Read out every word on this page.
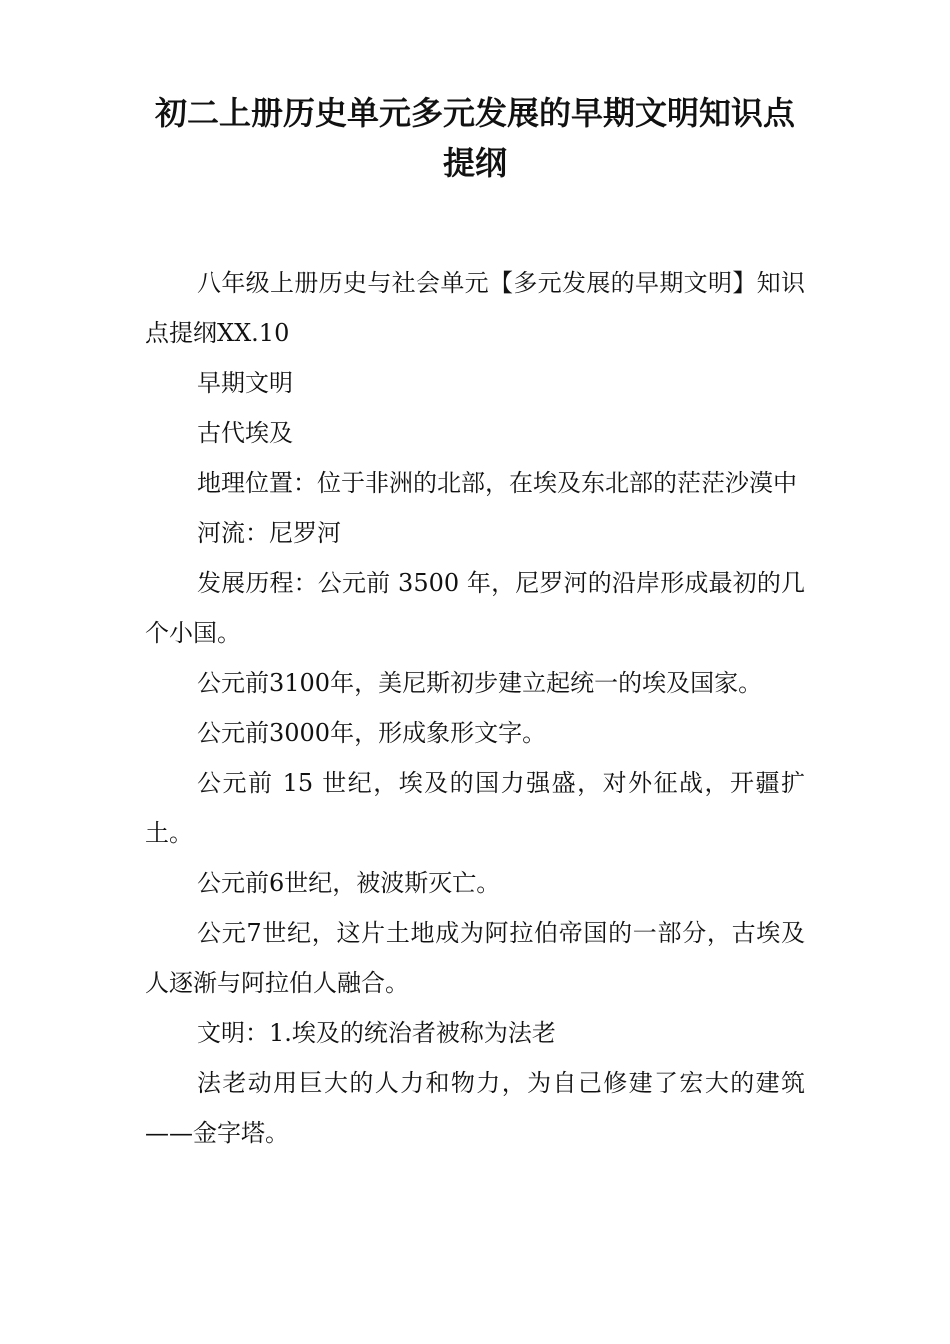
初二上册历史单元多元发展的早期文明知识点提纲

八年级上册历史与社会单元【多元发展的早期文明】知识点提纲XX.10

早期文明

古代埃及

地理位置：位于非洲的北部，在埃及东北部的茫茫沙漠中

河流：尼罗河

发展历程：公元前 3500 年，尼罗河的沿岸形成最初的几个小国。

公元前3100年，美尼斯初步建立起统一的埃及国家。

公元前3000年，形成象形文字。

公元前 15 世纪，埃及的国力强盛，对外征战，开疆扩土。

公元前6世纪，被波斯灭亡。

公元7世纪，这片土地成为阿拉伯帝国的一部分，古埃及人逐渐与阿拉伯人融合。

文明：1.埃及的统治者被称为法老

法老动用巨大的人力和物力，为自己修建了宏大的建筑——金字塔。
